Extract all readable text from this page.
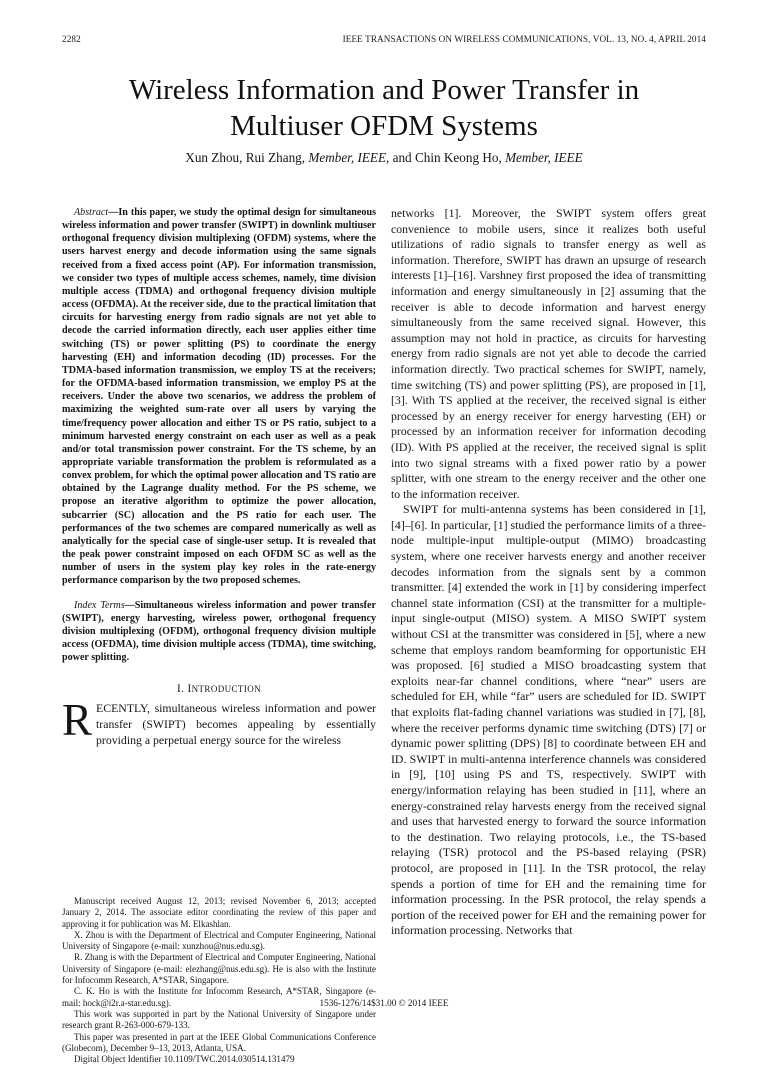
2282	IEEE TRANSACTIONS ON WIRELESS COMMUNICATIONS, VOL. 13, NO. 4, APRIL 2014
Wireless Information and Power Transfer in
Multiuser OFDM Systems
Xun Zhou, Rui Zhang, Member, IEEE, and Chin Keong Ho, Member, IEEE

Abstract—In this paper, we study the optimal design for simultaneous wireless information and power transfer (SWIPT) in downlink multiuser orthogonal frequency division multiplexing (OFDM) systems, where the users harvest energy and decode information using the same signals received from a fixed access point (AP). For information transmission, we consider two types of multiple access schemes, namely, time division multiple access (TDMA) and orthogonal frequency division multiple access (OFDMA). At the receiver side, due to the practical limitation that circuits for harvesting energy from radio signals are not yet able to decode the carried information directly, each user applies either time switching (TS) or power splitting (PS) to coordinate the energy harvesting (EH) and information decoding (ID) processes. For the TDMA-based information transmission, we employ TS at the receivers; for the OFDMA-based information transmission, we employ PS at the receivers. Under the above two scenarios, we address the problem of maximizing the weighted sum-rate over all users by varying the time/frequency power allocation and either TS or PS ratio, subject to a minimum harvested energy constraint on each user as well as a peak and/or total transmission power constraint. For the TS scheme, by an appropriate variable transformation the problem is reformulated as a convex problem, for which the optimal power allocation and TS ratio are obtained by the Lagrange duality method. For the PS scheme, we propose an iterative algorithm to optimize the power allocation, subcarrier (SC) allocation and the PS ratio for each user. The performances of the two schemes are compared numerically as well as analytically for the special case of single-user setup. It is revealed that the peak power constraint imposed on each OFDM SC as well as the number of users in the system play key roles in the rate-energy performance comparison by the two proposed schemes.

Index Terms—Simultaneous wireless information and power transfer (SWIPT), energy harvesting, wireless power, orthogonal frequency division multiplexing (OFDM), orthogonal frequency division multiple access (OFDMA), time division multiple access (TDMA), time switching, power splitting.

I. INTRODUCTION

RECENTLY, simultaneous wireless information and power transfer (SWIPT) becomes appealing by essentially providing a perpetual energy source for the wireless

Manuscript received August 12, 2013; revised November 6, 2013; accepted January 2, 2014. The associate editor coordinating the review of this paper and approving it for publication was M. Elkashlan.

X. Zhou is with the Department of Electrical and Computer Engineering, National University of Singapore (e-mail: xunzhou@nus.edu.sg).

R. Zhang is with the Department of Electrical and Computer Engineering, National University of Singapore (e-mail: elezhang@nus.edu.sg). He is also with the Institute for Infocomm Research, A*STAR, Singapore.

C. K. Ho is with the Institute for Infocomm Research, A*STAR, Singapore (e-mail: hock@i2r.a-star.edu.sg).

This work was supported in part by the National University of Singapore under research grant R-263-000-679-133.

This paper was presented in part at the IEEE Global Communications Conference (Globecom), December 9–13, 2013, Atlanta, USA.

Digital Object Identifier 10.1109/TWC.2014.030514.131479

networks [1]. Moreover, the SWIPT system offers great convenience to mobile users, since it realizes both useful utilizations of radio signals to transfer energy as well as information. Therefore, SWIPT has drawn an upsurge of research interests [1]–[16]. Varshney first proposed the idea of transmitting information and energy simultaneously in [2] assuming that the receiver is able to decode information and harvest energy simultaneously from the same received signal. However, this assumption may not hold in practice, as circuits for harvesting energy from radio signals are not yet able to decode the carried information directly. Two practical schemes for SWIPT, namely, time switching (TS) and power splitting (PS), are proposed in [1], [3]. With TS applied at the receiver, the received signal is either processed by an energy receiver for energy harvesting (EH) or processed by an information receiver for information decoding (ID). With PS applied at the receiver, the received signal is split into two signal streams with a fixed power ratio by a power splitter, with one stream to the energy receiver and the other one to the information receiver.

SWIPT for multi-antenna systems has been considered in [1], [4]–[6]. In particular, [1] studied the performance limits of a three-node multiple-input multiple-output (MIMO) broadcasting system, where one receiver harvests energy and another receiver decodes information from the signals sent by a common transmitter. [4] extended the work in [1] by considering imperfect channel state information (CSI) at the transmitter for a multiple-input single-output (MISO) system. A MISO SWIPT system without CSI at the transmitter was considered in [5], where a new scheme that employs random beamforming for opportunistic EH was proposed. [6] studied a MISO broadcasting system that exploits near-far channel conditions, where “near” users are scheduled for EH, while “far” users are scheduled for ID. SWIPT that exploits flat-fading channel variations was studied in [7], [8], where the receiver performs dynamic time switching (DTS) [7] or dynamic power splitting (DPS) [8] to coordinate between EH and ID. SWIPT in multi-antenna interference channels was considered in [9], [10] using PS and TS, respectively. SWIPT with energy/information relaying has been studied in [11], where an energy-constrained relay harvests energy from the received signal and uses that harvested energy to forward the source information to the destination. Two relaying protocols, i.e., the TS-based relaying (TSR) protocol and the PS-based relaying (PSR) protocol, are proposed in [11]. In the TSR protocol, the relay spends a portion of time for EH and the remaining time for information processing. In the PSR protocol, the relay spends a portion of the received power for EH and the remaining power for information processing. Networks that

1536-1276/14$31.00 © 2014 IEEE
